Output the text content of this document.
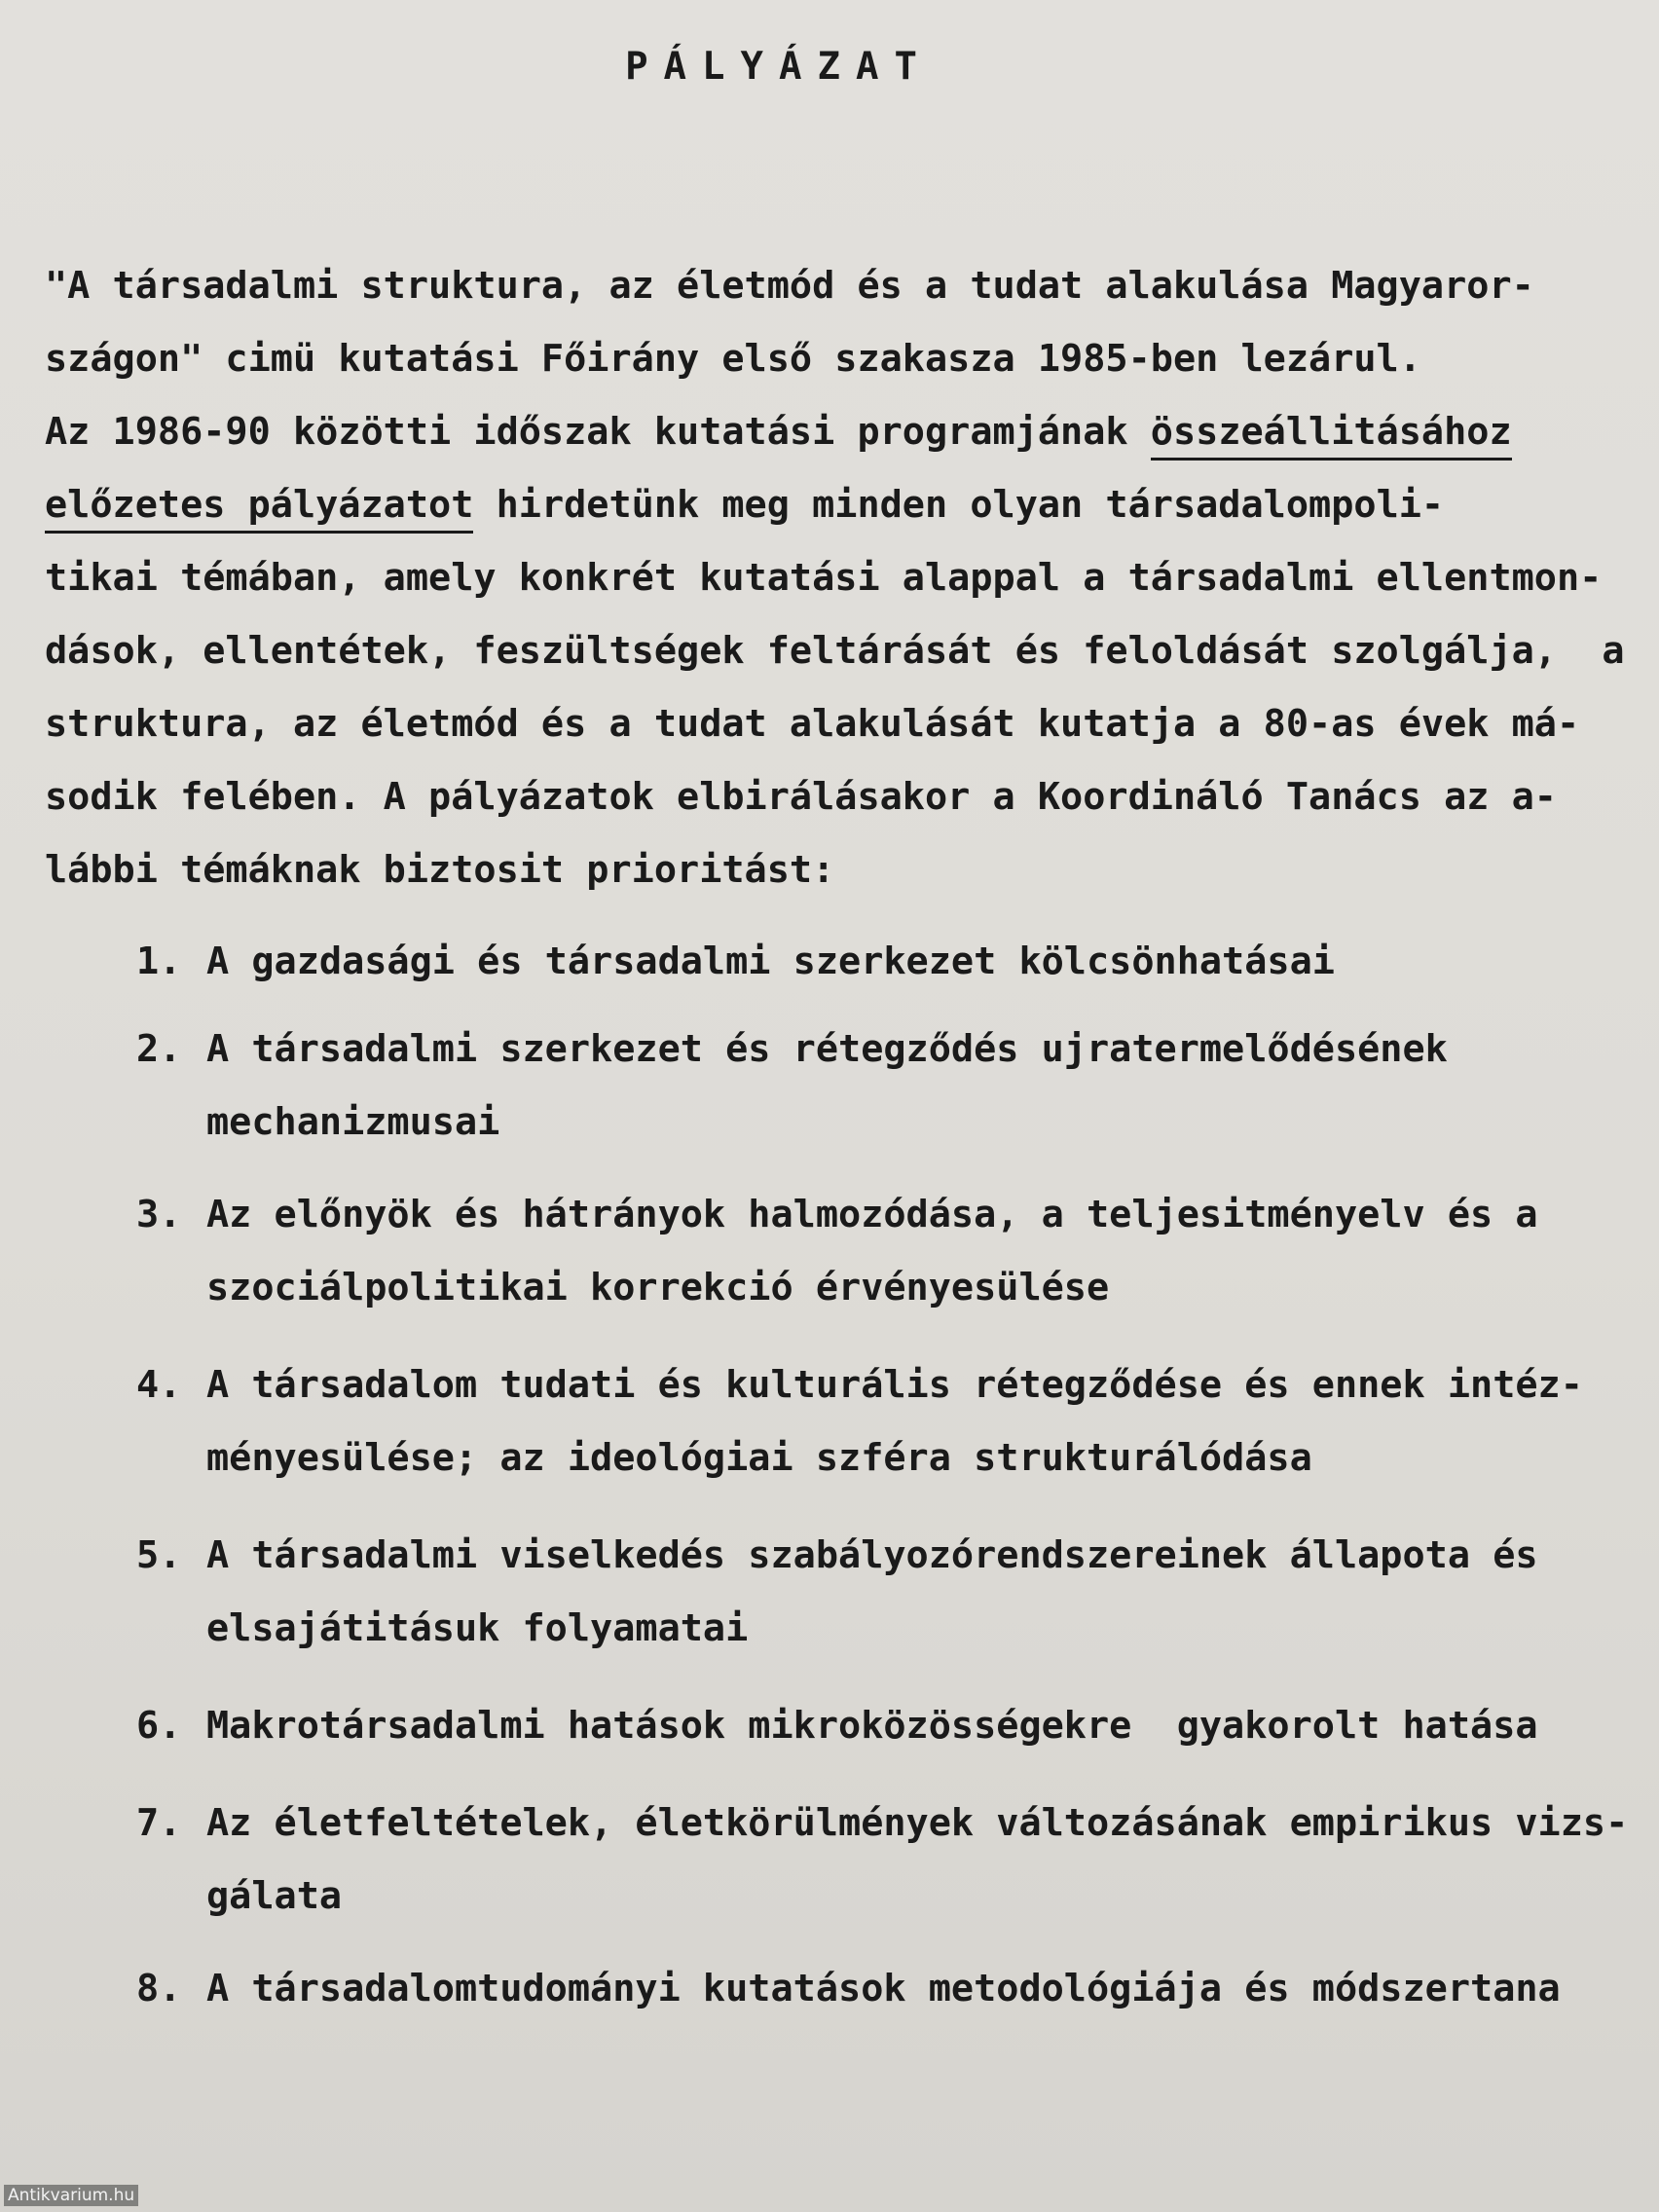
PÁLYÁZAT
"A társadalmi struktura, az életmód és a tudat alakulása Magyaror-
szágon" cimü kutatási Főirány első szakasza 1985-ben lezárul.
Az 1986-90 közötti időszak kutatási programjának összeállitásához
előzetes pályázatot hirdetünk meg minden olyan társadalompoli-
tikai témában, amely konkrét kutatási alappal a társadalmi ellentmon-
dások, ellentétek, feszültségek feltárását és feloldását szolgálja,  a
struktura, az életmód és a tudat alakulását kutatja a 80-as évek má-
sodik felében. A pályázatok elbirálásakor a Koordináló Tanács az a-
lábbi témáknak biztosit prioritást:
1. A gazdasági és társadalmi szerkezet kölcsönhatásai
2. A társadalmi szerkezet és rétegződés ujratermelődésének
mechanizmusai
3. Az előnyök és hátrányok halmozódása, a teljesitményelv és a
szociálpolitikai korrekció érvényesülése
4. A társadalom tudati és kulturális rétegződése és ennek intéz-
ményesülése; az ideológiai szféra strukturálódása
5. A társadalmi viselkedés szabályozórendszereinek állapota és
elsajátitásuk folyamatai
6. Makrotársadalmi hatások mikroközösségekre  gyakorolt hatása
7. Az életfeltételek, életkörülmények változásának empirikus vizs-
gálata
8. A társadalomtudományi kutatások metodológiája és módszertana
Antikvarium.hu
